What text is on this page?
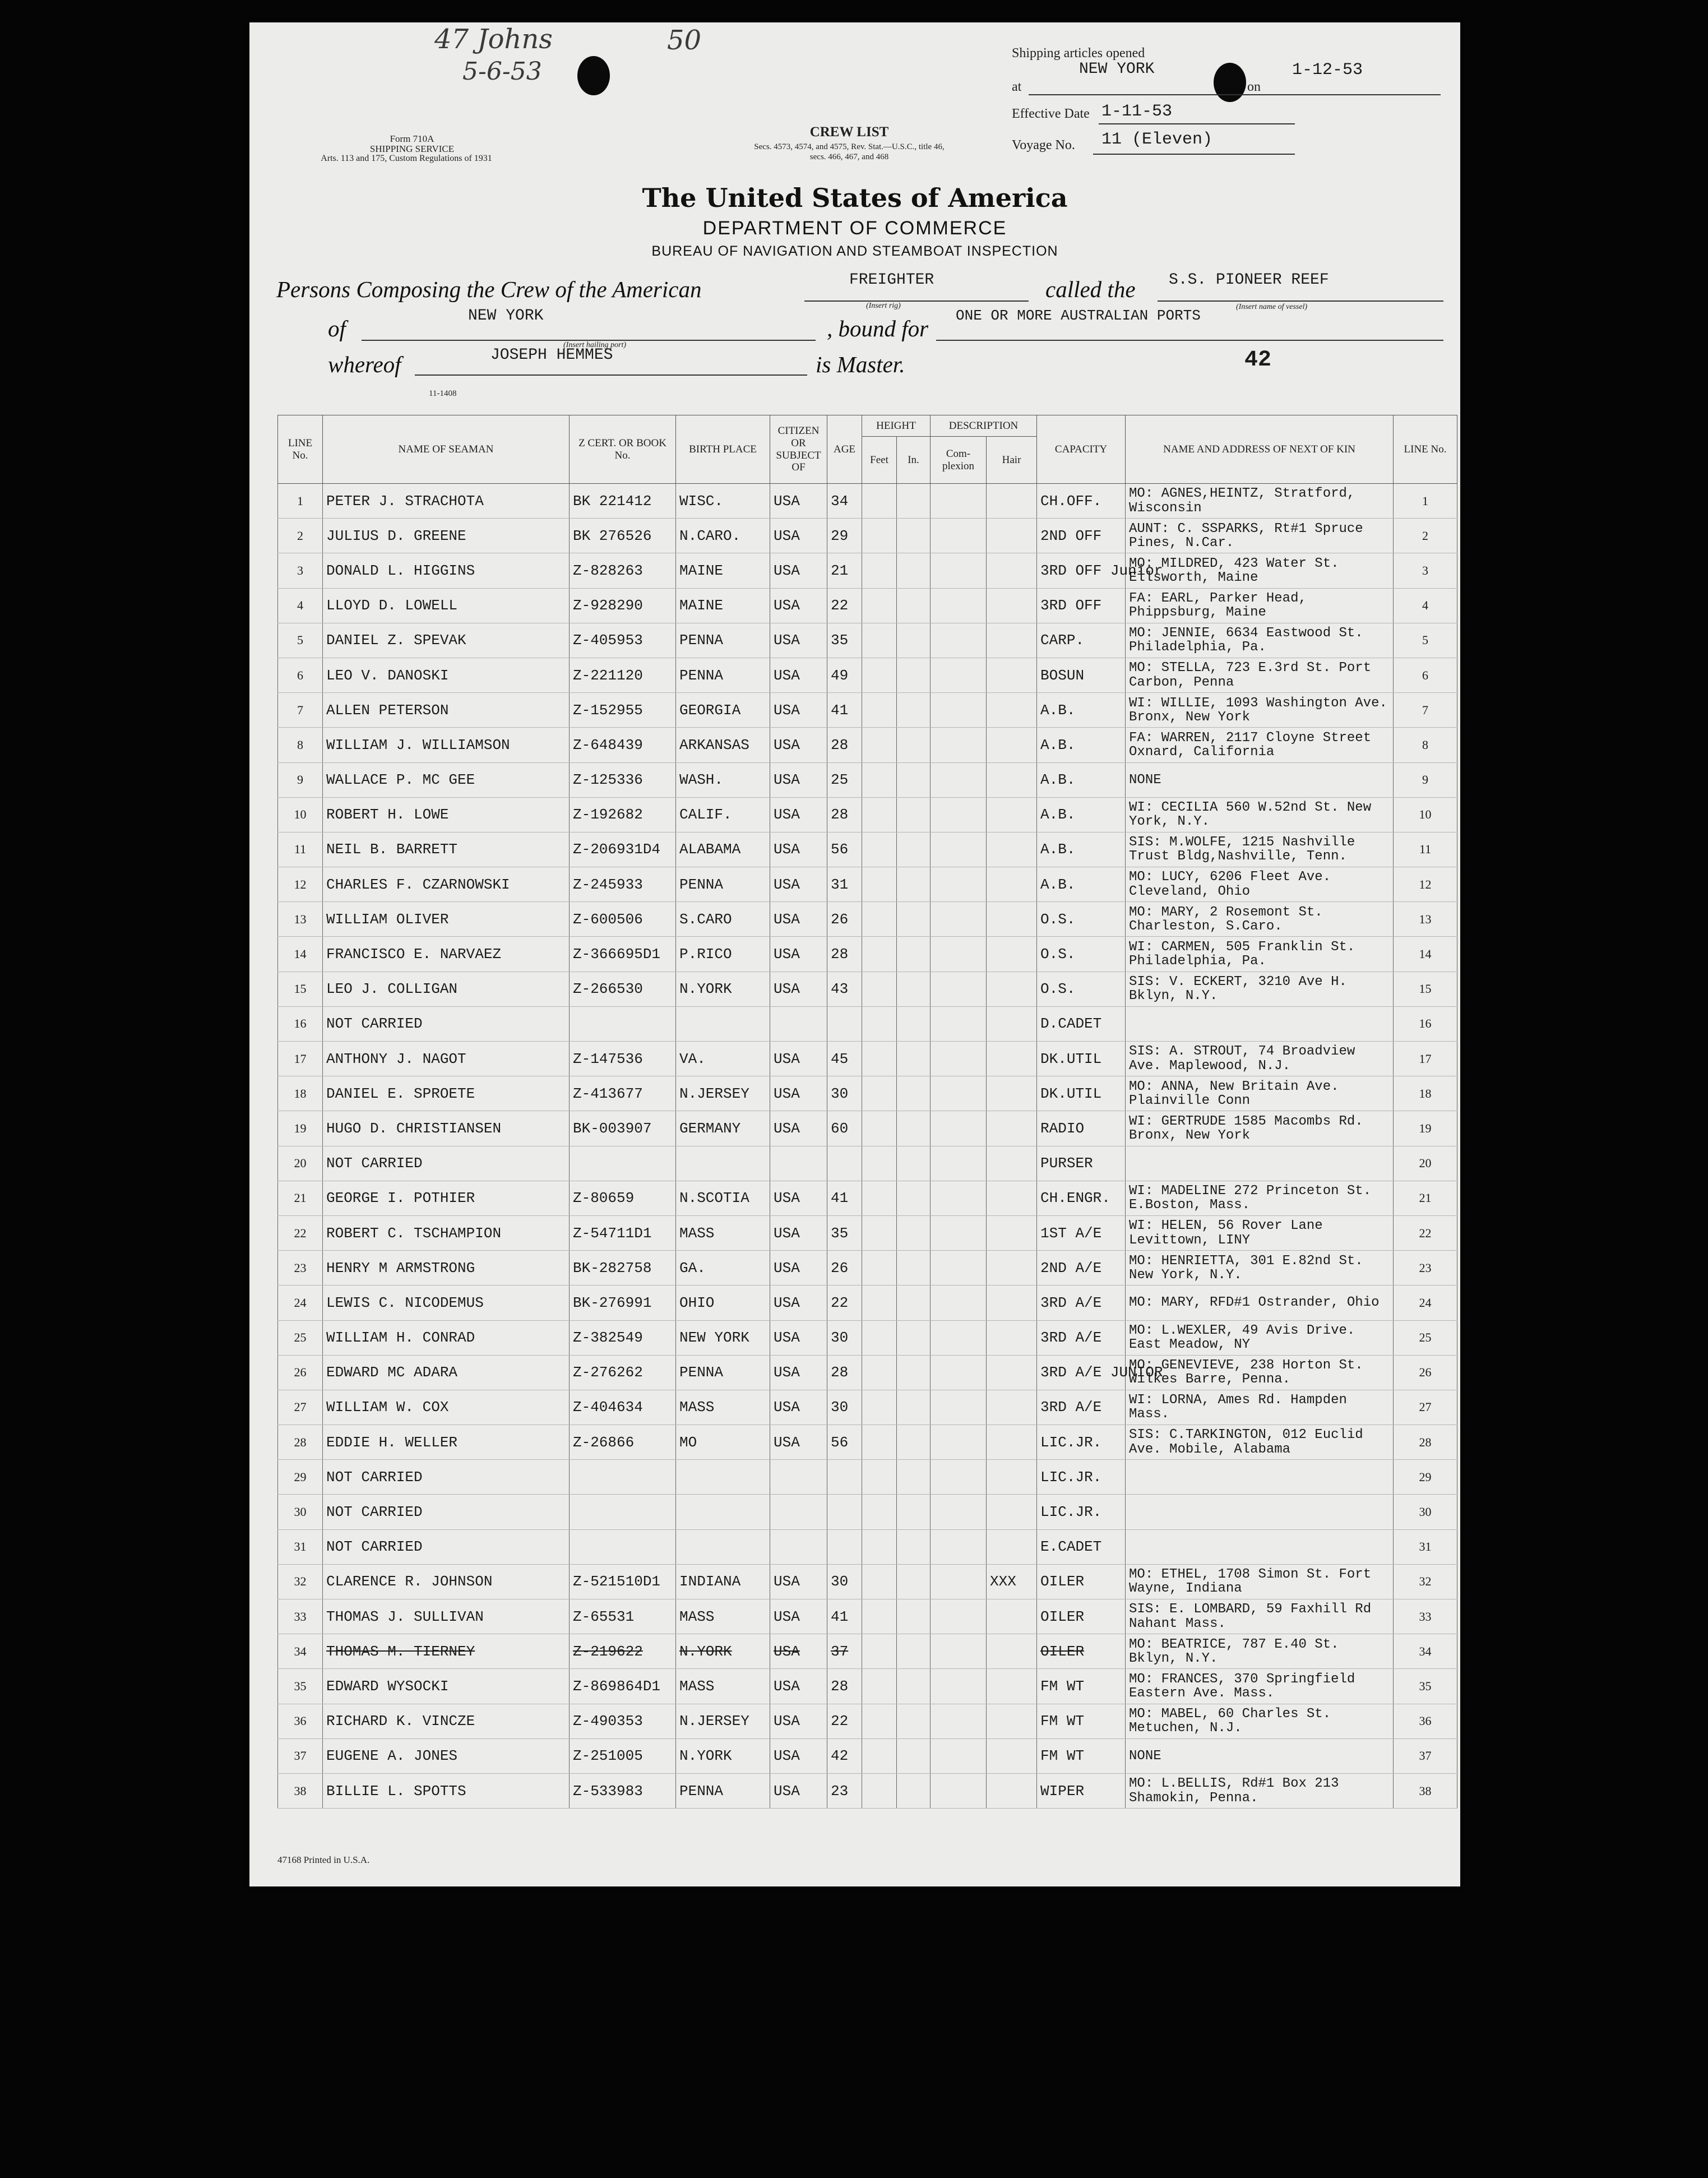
47 Johns	50
5-6-53
Shipping articles opened
at
NEW YORK
on
1-12-53
Effective Date 1-11-53
Voyage No. 11 (Eleven)
Form 710A
SHIPPING SERVICE
Arts. 113 and 175, Custom Regulations of 1931
CREW LIST
Secs. 4573, 4574, and 4575, Rev. Stat.—U.S.C., title 46,
secs. 466, 467, and 468
The United States of America
DEPARTMENT OF COMMERCE
BUREAU OF NAVIGATION AND STEAMBOAT INSPECTION
Persons Composing the Crew of the American	FREIGHTER
(Insert rig)
called the S.S. PIONEER REEF
(Insert name of vessel)
of	NEW YORK
(Insert hailing port)
, bound for ONE OR MORE AUSTRALIAN PORTS
whereof	JOSEPH HEMMES	is Master.	42
11-1408
LINE No.	NAME OF SEAMAN	Z CERT. OR BOOK No.	BIRTH PLACE	CITIZEN OR SUBJECT OF	AGE	HEIGHT		DESCRIPTION		CAPACITY	NAME AND ADDRESS OF NEXT OF KIN	LINE No.
						Feet	In.	Com-plexion	Hair			
1	PETER J. STRACHOTA	BK 221412	WISC.	USA	34					CH.OFF.	MO: AGNES,HEINTZ, Stratford, Wisconsin	1
2	JULIUS D. GREENE	BK 276526	N.CARO.	USA	29					2ND OFF	AUNT: C. SSPARKS, Rt#1 Spruce Pines, N.Car.	2
3	DONALD L. HIGGINS	Z-828263	MAINE	USA	21					3RD OFF Junior	MO: MILDRED, 423 Water St. Ellsworth, Maine	3
4	LLOYD D. LOWELL	Z-928290	MAINE	USA	22					3RD OFF	FA: EARL, Parker Head, Phippsburg, Maine	4
5	DANIEL Z. SPEVAK	Z-405953	PENNA	USA	35					CARP.	MO: JENNIE, 6634 Eastwood St. Philadelphia, Pa.	5
6	LEO V. DANOSKI	Z-221120	PENNA	USA	49					BOSUN	MO: STELLA, 723 E.3rd St. Port Carbon, Penna	6
7	ALLEN PETERSON	Z-152955	GEORGIA	USA	41					A.B.	WI: WILLIE, 1093 Washington Ave. Bronx, New York	7
8	WILLIAM J. WILLIAMSON	Z-648439	ARKANSAS	USA	28					A.B.	FA: WARREN, 2117 Cloyne Street Oxnard, California	8
9	WALLACE P. MC GEE	Z-125336	WASH.	USA	25					A.B.	NONE	9
10	ROBERT H. LOWE	Z-192682	CALIF.	USA	28					A.B.	WI: CECILIA 560 W.52nd St. New York, N.Y.	10
11	NEIL B. BARRETT	Z-206931D4	ALABAMA	USA	56					A.B.	SIS: M.WOLFE, 1215 Nashville Trust Bldg,Nashville, Tenn.	11
12	CHARLES F. CZARNOWSKI	Z-245933	PENNA	USA	31					A.B.	MO: LUCY, 6206 Fleet Ave. Cleveland, Ohio	12
13	WILLIAM OLIVER	Z-600506	S.CARO	USA	26					O.S.	MO: MARY, 2 Rosemont St. Charleston, S.Caro.	13
14	FRANCISCO E. NARVAEZ	Z-366695D1	P.RICO	USA	28					O.S.	WI: CARMEN, 505 Franklin St. Philadelphia, Pa.	14
15	LEO J. COLLIGAN	Z-266530	N.YORK	USA	43					O.S.	SIS: V. ECKERT, 3210 Ave H. Bklyn, N.Y.	15
16	NOT CARRIED									D.CADET		16
17	ANTHONY J. NAGOT	Z-147536	VA.	USA	45					DK.UTIL	SIS: A. STROUT, 74 Broadview Ave. Maplewood, N.J.	17
18	DANIEL E. SPROETE	Z-413677	N.JERSEY	USA	30					DK.UTIL	MO: ANNA, New Britain Ave. Plainville Conn	18
19	HUGO D. CHRISTIANSEN	BK-003907	GERMANY	USA	60					RADIO	WI: GERTRUDE 1585 Macombs Rd. Bronx, New York	19
20	NOT CARRIED									PURSER		20
21	GEORGE I. POTHIER	Z-80659	N.SCOTIA	USA	41					CH.ENGR.	WI: MADELINE 272 Princeton St. E.Boston, Mass.	21
22	ROBERT C. TSCHAMPION	Z-54711D1	MASS	USA	35					1ST A/E	WI: HELEN, 56 Rover Lane Levittown, LINY	22
23	HENRY M ARMSTRONG	BK-282758	GA.	USA	26					2ND A/E	MO: HENRIETTA, 301 E.82nd St. New York, N.Y.	23
24	LEWIS C. NICODEMUS	BK-276991	OHIO	USA	22					3RD A/E	MO: MARY, RFD#1 Ostrander, Ohio	24
25	WILLIAM H. CONRAD	Z-382549	NEW YORK	USA	30					3RD A/E	MO: L.WEXLER, 49 Avis Drive. East Meadow, NY	25
26	EDWARD MC ADARA	Z-276262	PENNA	USA	28					3RD A/E JUNIOR	MO: GENEVIEVE, 238 Horton St. Wilkes Barre, Penna.	26
27	WILLIAM W. COX	Z-404634	MASS	USA	30					3RD A/E	WI: LORNA, Ames Rd. Hampden Mass.	27
28	EDDIE H. WELLER	Z-26866	MO	USA	56					LIC.JR.	SIS: C.TARKINGTON, 012 Euclid Ave. Mobile, Alabama	28
29	NOT CARRIED									LIC.JR.		29
30	NOT CARRIED									LIC.JR.		30
31	NOT CARRIED									E.CADET		31
32	CLARENCE R. JOHNSON	Z-521510D1	INDIANA	USA	30				XXX	OILER	MO: ETHEL, 1708 Simon St. Fort Wayne, Indiana	32
33	THOMAS J. SULLIVAN	Z-65531	MASS	USA	41					OILER	SIS: E. LOMBARD, 59 Faxhill Rd Nahant Mass.	33
34	THOMAS M. TIERNEY	Z-219622	N.YORK	USA	37					OILER	MO: BEATRICE, 787 E.40 St. Bklyn, N.Y.	34
35	EDWARD WYSOCKI	Z-869864D1	MASS	USA	28					FM WT	MO: FRANCES, 370 Springfield Eastern Ave. Mass.	35
36	RICHARD K. VINCZE	Z-490353	N.JERSEY	USA	22					FM WT	MO: MABEL, 60 Charles St. Metuchen, N.J.	36
37	EUGENE A. JONES	Z-251005	N.YORK	USA	42					FM WT	NONE	37
38	BILLIE L. SPOTTS	Z-533983	PENNA	USA	23					WIPER	MO: L.BELLIS, Rd#1 Box 213 Shamokin, Penna.	38
47168 Printed in U.S.A.
